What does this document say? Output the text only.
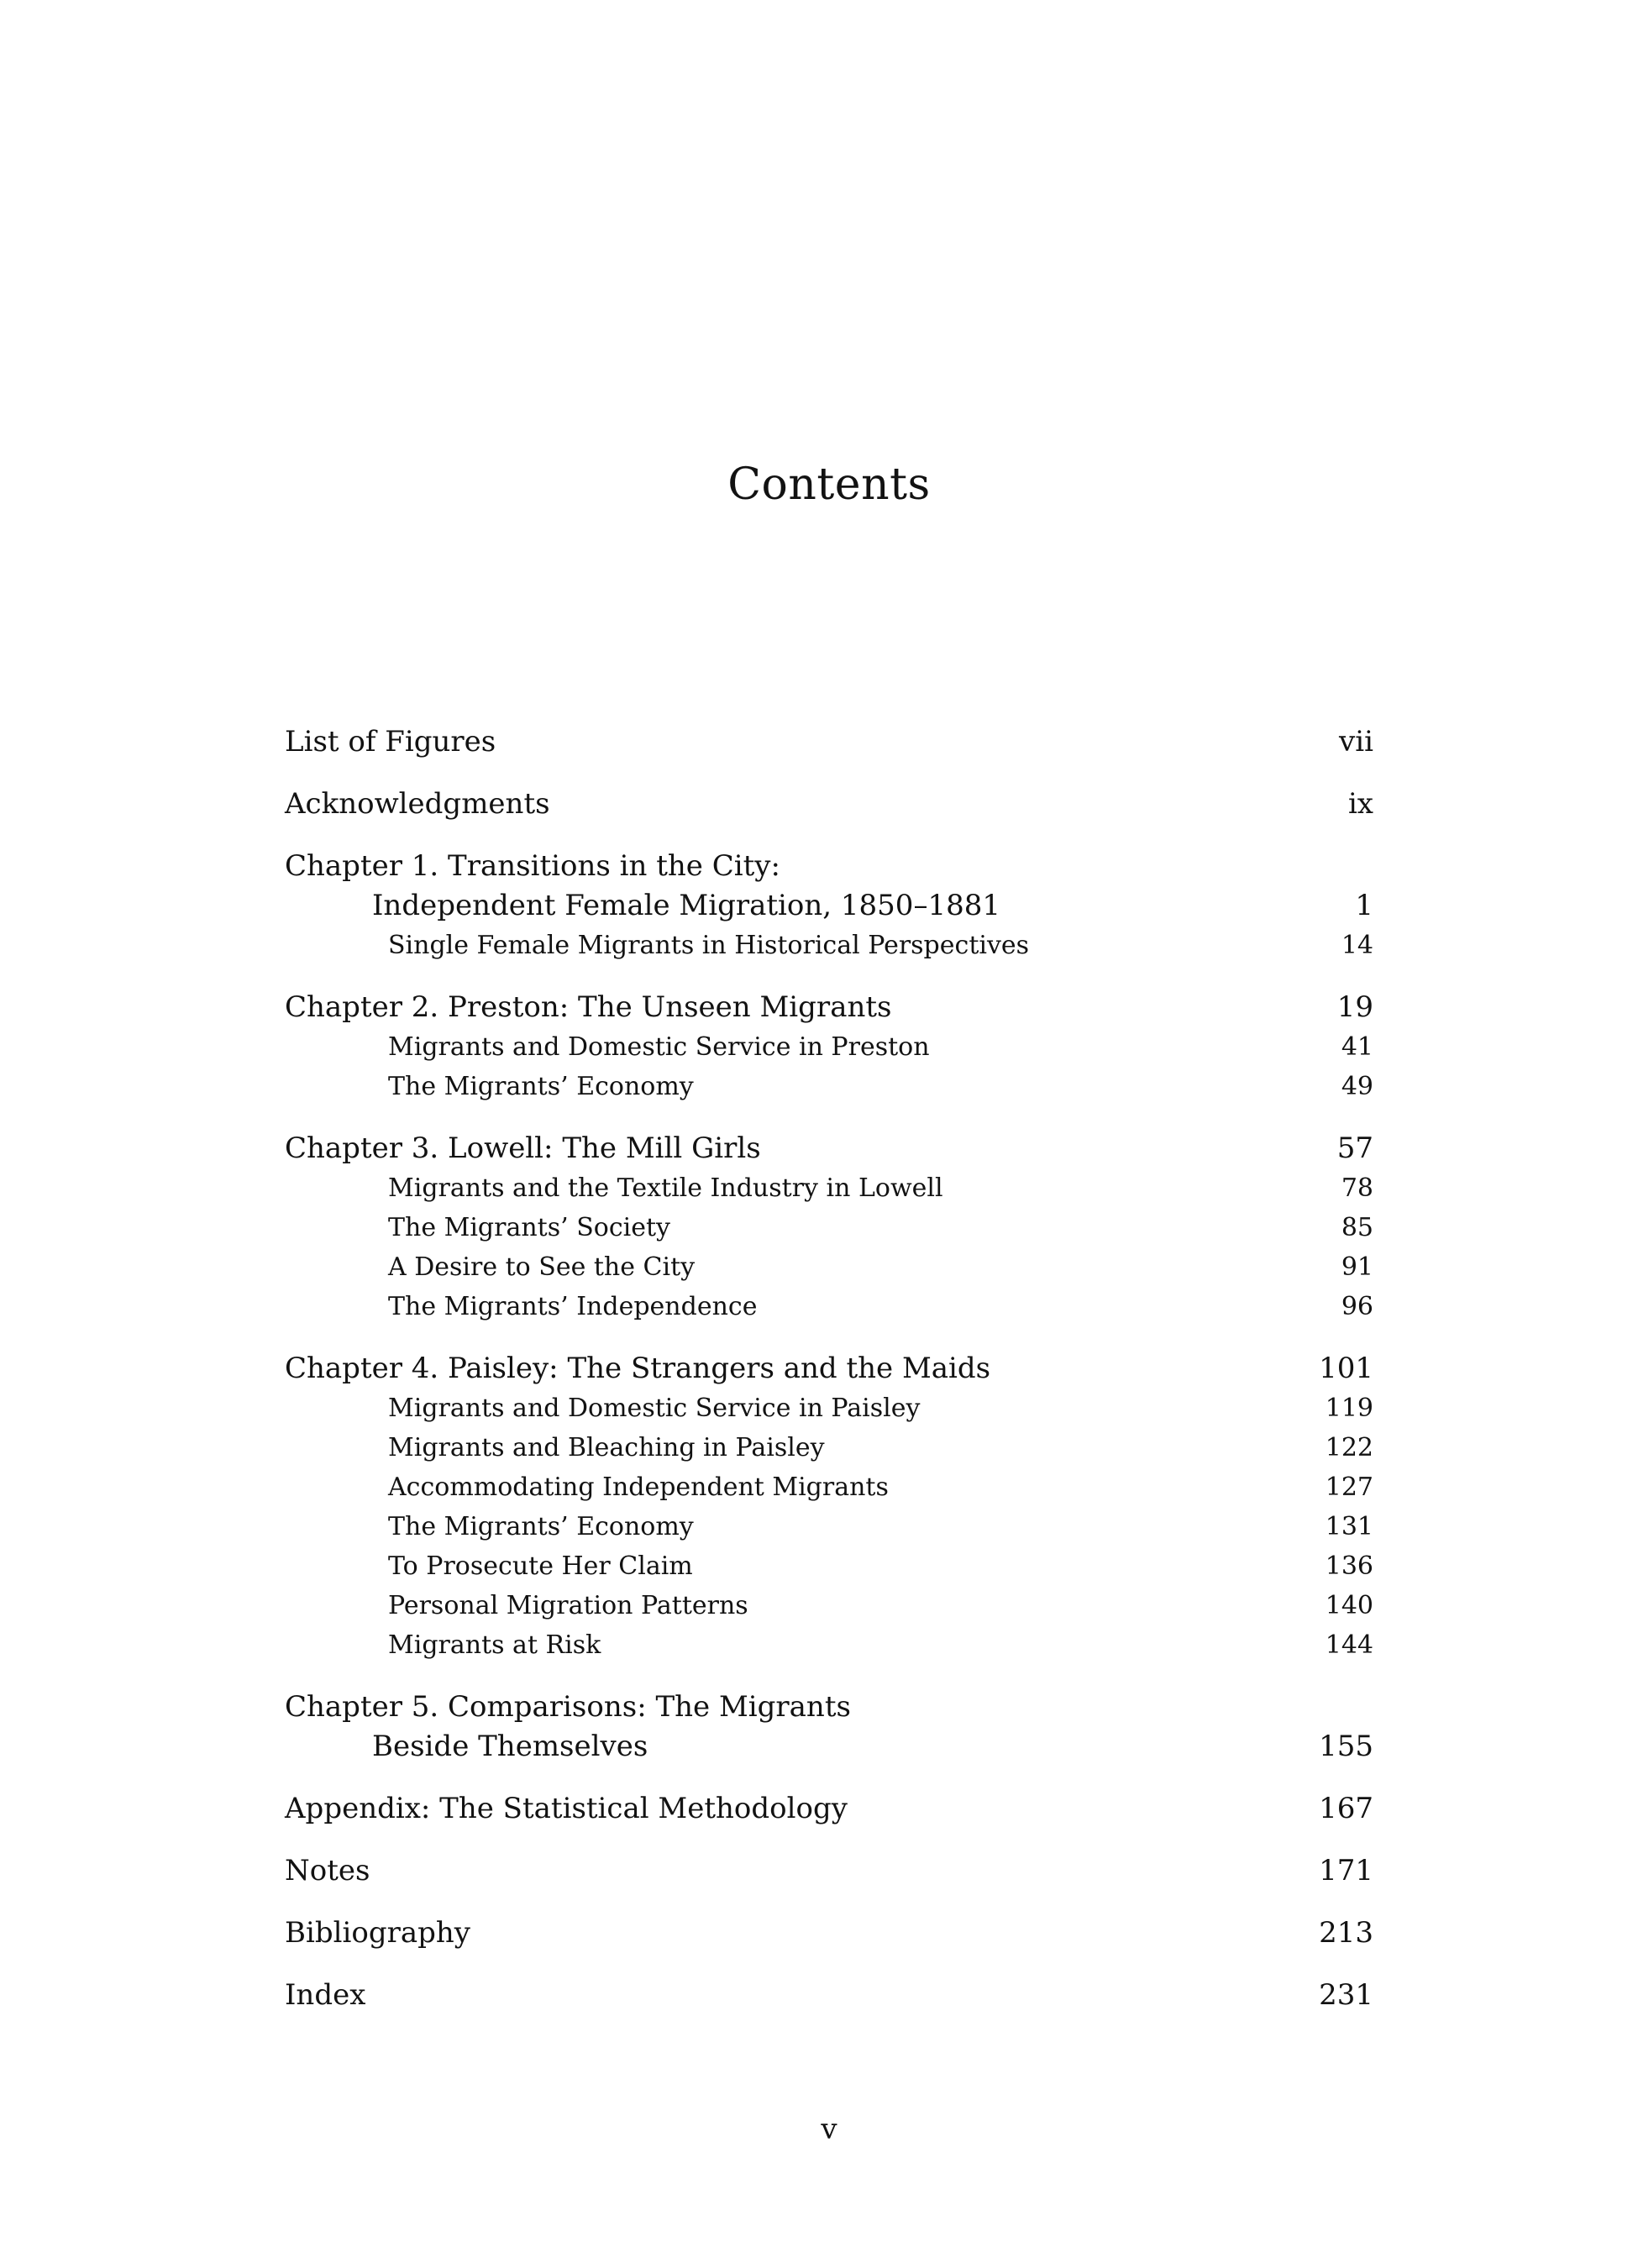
Contents
List of Figures	vii
Acknowledgments	ix
Chapter 1. Transitions in the City:
Independent Female Migration, 1850–1881	1
Single Female Migrants in Historical Perspectives	14
Chapter 2. Preston: The Unseen Migrants	19
Migrants and Domestic Service in Preston	41
The Migrants’ Economy	49
Chapter 3. Lowell: The Mill Girls	57
Migrants and the Textile Industry in Lowell	78
The Migrants’ Society	85
A Desire to See the City	91
The Migrants’ Independence	96
Chapter 4. Paisley: The Strangers and the Maids	101
Migrants and Domestic Service in Paisley	119
Migrants and Bleaching in Paisley	122
Accommodating Independent Migrants	127
The Migrants’ Economy	131
To Prosecute Her Claim	136
Personal Migration Patterns	140
Migrants at Risk	144
Chapter 5. Comparisons: The Migrants
Beside Themselves	155
Appendix: The Statistical Methodology	167
Notes	171
Bibliography	213
Index	231
v
